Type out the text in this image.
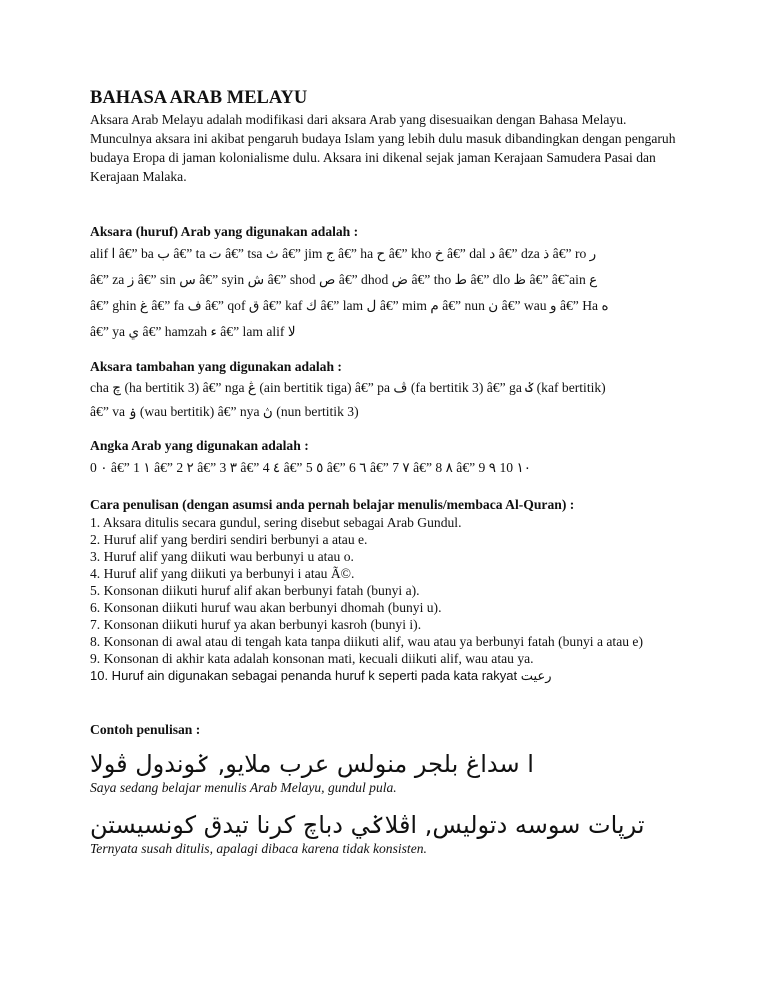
BAHASA ARAB MELAYU

Aksara Arab Melayu adalah modifikasi dari aksara Arab yang disesuaikan dengan Bahasa Melayu. Munculnya aksara ini akibat pengaruh budaya Islam yang lebih dulu masuk dibandingkan dengan pengaruh budaya Eropa di jaman kolonialisme dulu. Aksara ini dikenal sejak jaman Kerajaan Samudera Pasai dan Kerajaan Malaka.

Aksara (huruf) Arab yang digunakan adalah :

alif ا â€” ba ب â€” ta ت â€” tsa ث â€” jim ج â€” ha ح â€” kho خ â€” dal د â€” dza ذ â€” ro ر

â€” za ز â€” sin س â€” syin ش â€” shod ص â€” dhod ض â€” tho ط â€” dlo ظ â€” â€˜ain ع

â€” ghin غ â€” fa ف â€” qof ق â€” kaf ك â€” lam ل â€” mim م â€” nun ن â€” wau و â€” Ha ه

â€” ya ي â€” hamzah ء â€” lam alif لا

Aksara tambahan yang digunakan adalah :

cha چ (ha bertitik 3) â€” nga ڠ (ain bertitik tiga) â€” pa ڤ (fa bertitik 3) â€” ga ݢ (kaf bertitik)

â€” va ۏ (wau bertitik) â€” nya ڽ (nun bertitik 3)

Angka Arab yang digunakan adalah :

0 ٠ â€” 1 ١ â€” 2 ٢ â€” 3 ٣ â€” 4 ٤ â€” 5 ٥ â€” 6 ٦ â€” 7 ٧ â€” 8 ٨ â€” 9 ٩ 10 ١٠

Cara penulisan (dengan asumsi anda pernah belajar menulis/membaca Al-Quran) :

1. Aksara ditulis secara gundul, sering disebut sebagai Arab Gundul.
2. Huruf alif yang berdiri sendiri berbunyi a atau e.
3. Huruf alif yang diikuti wau berbunyi u atau o.
4. Huruf alif yang diikuti ya berbunyi i atau Ã©.
5. Konsonan diikuti huruf alif akan berbunyi fatah (bunyi a).
6. Konsonan diikuti huruf wau akan berbunyi dhomah (bunyi u).
7. Konsonan diikuti huruf ya akan berbunyi kasroh (bunyi i).
8. Konsonan di awal atau di tengah kata tanpa diikuti alif, wau atau ya berbunyi fatah (bunyi a atau e)
9. Konsonan di akhir kata adalah konsonan mati, kecuali diikuti alif, wau atau ya.
10. Huruf ain digunakan sebagai penanda huruf k seperti pada kata rakyat رعيت

Contoh penulisan :

ا سداغ بلجر منولس عرب ملايو, ݢوندول ڤولا

Saya sedang belajar menulis Arab Melayu, gundul pula.

ترپات سوسه دتوليس, اڤلاݢي دباچ كرنا تيدق كونسيستن

Ternyata susah ditulis, apalagi dibaca karena tidak konsisten.
